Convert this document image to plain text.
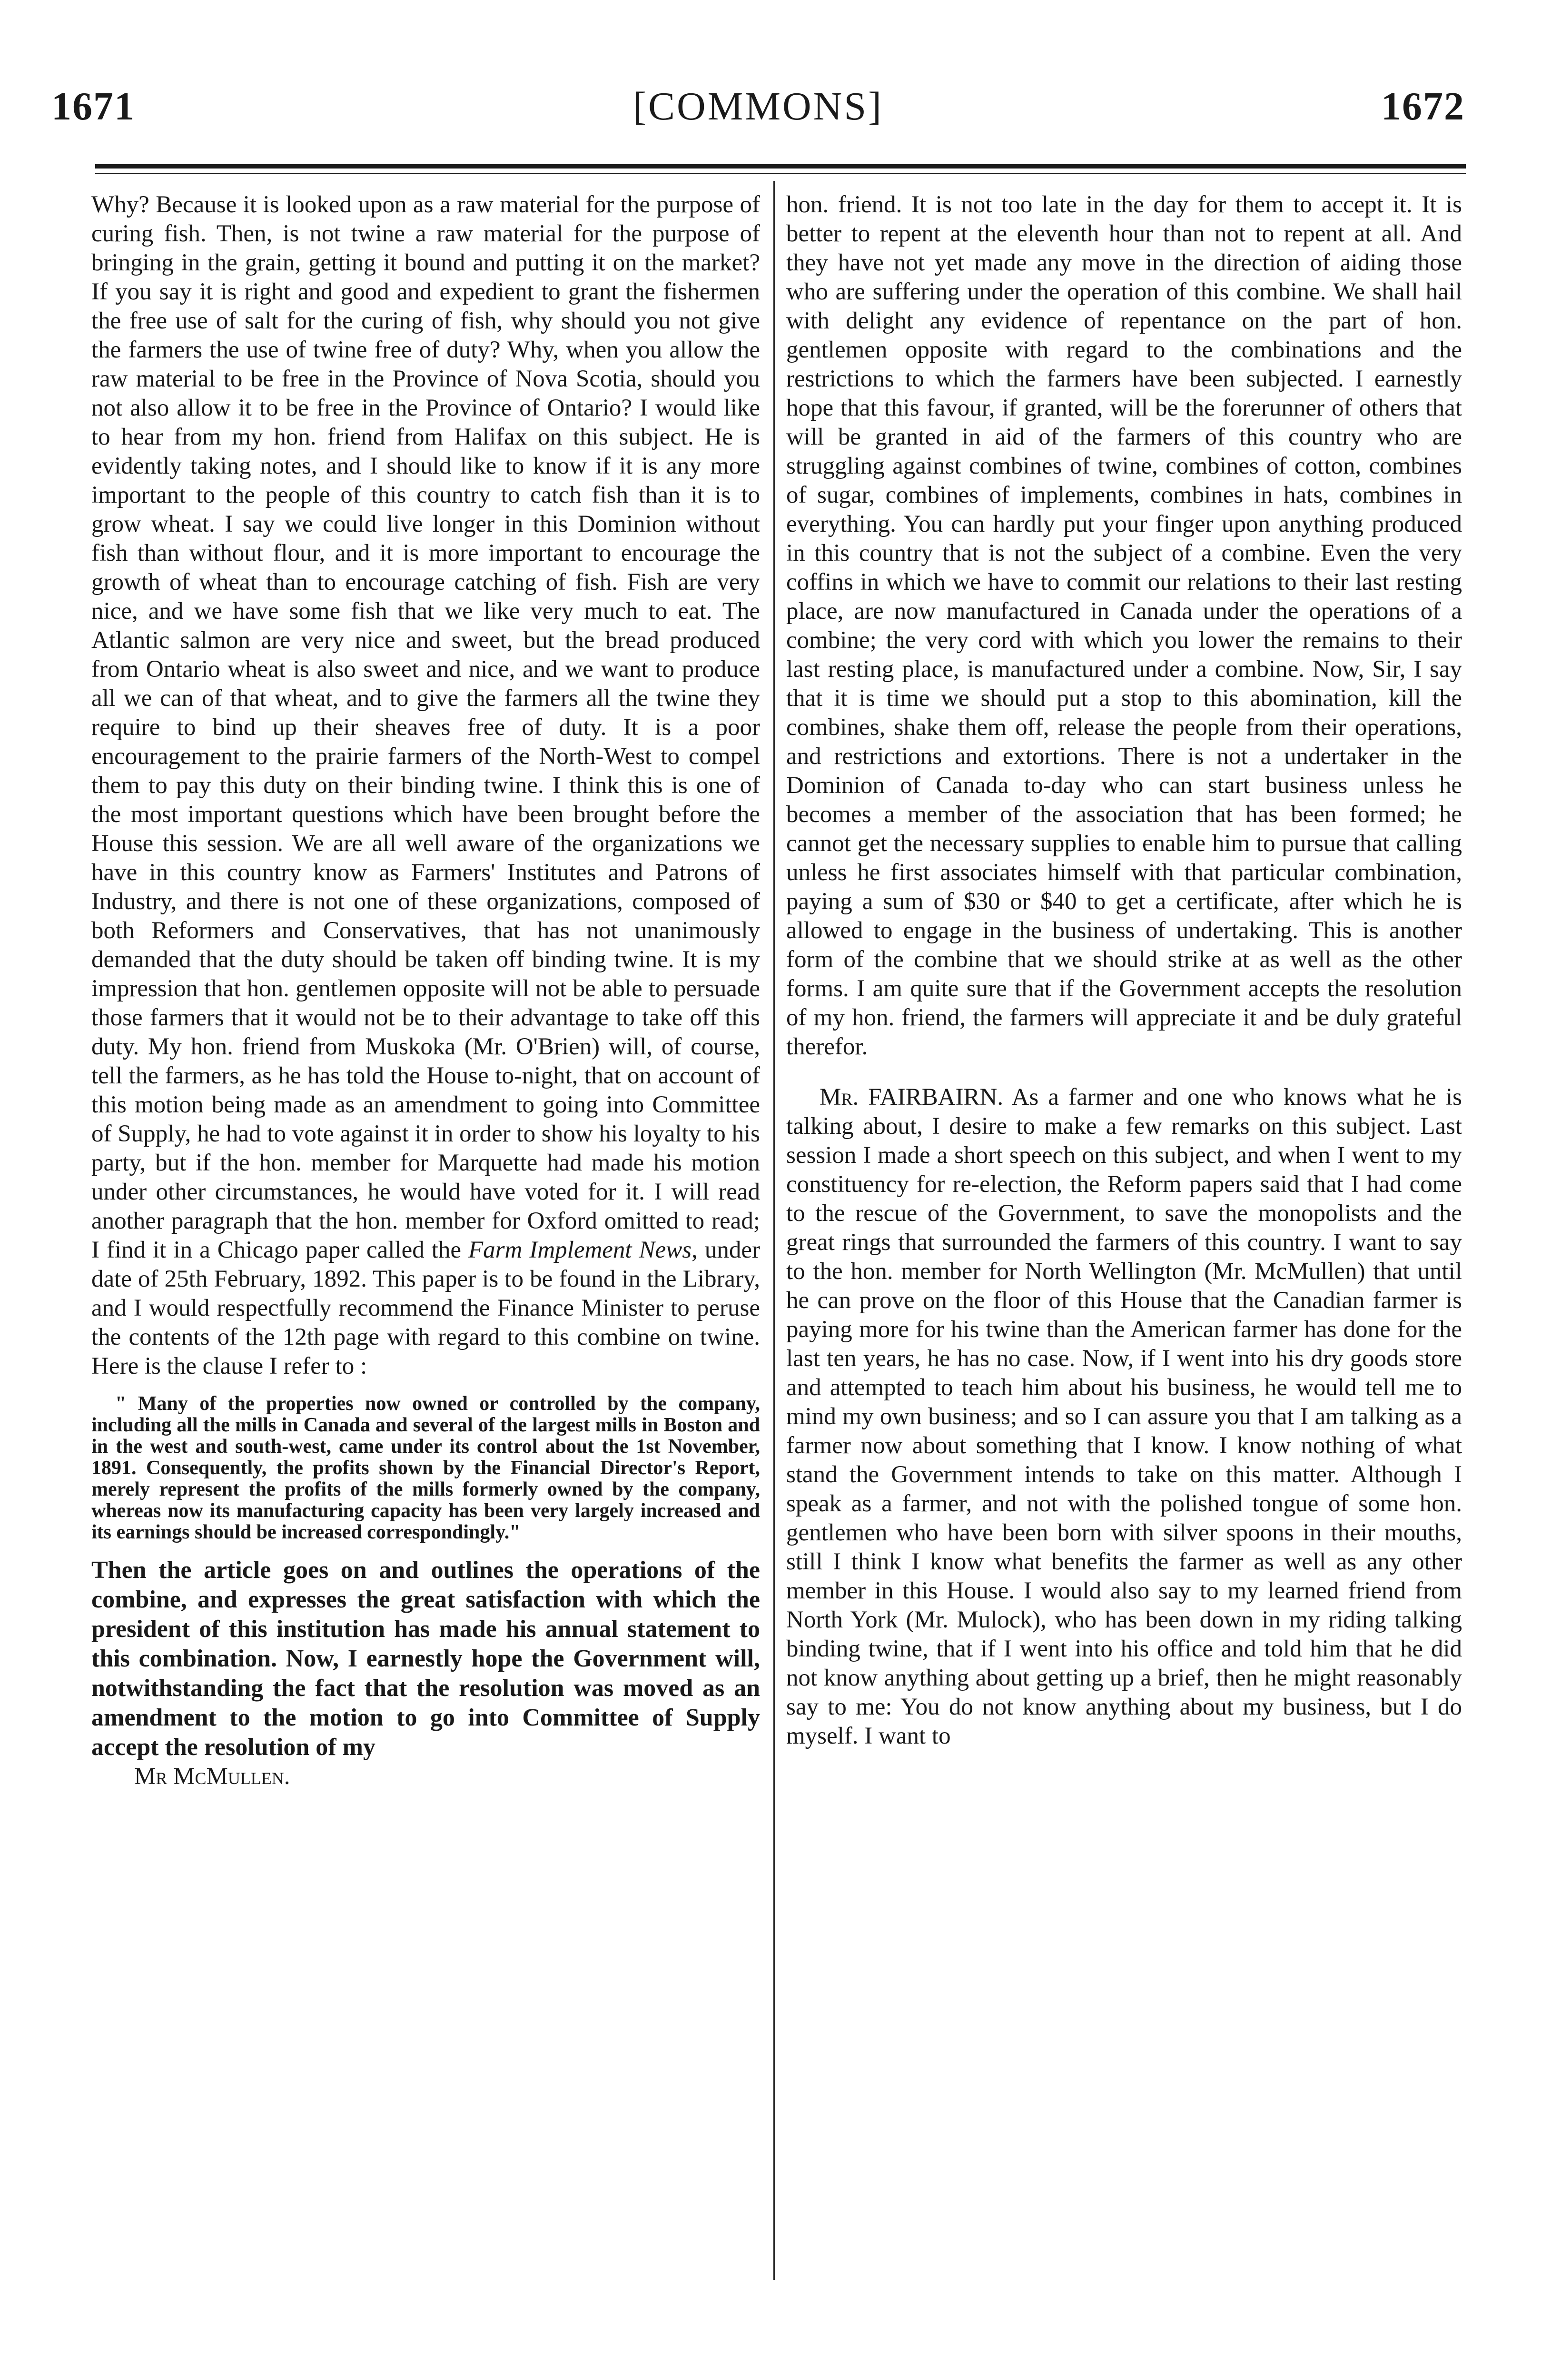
1671	[COMMONS]	1672

Why? Because it is looked upon as a raw material for the purpose of curing fish. Then, is not twine a raw material for the purpose of bringing in the grain, getting it bound and putting it on the market? If you say it is right and good and expedient to grant the fishermen the free use of salt for the curing of fish, why should you not give the farmers the use of twine free of duty? Why, when you allow the raw material to be free in the Province of Nova Scotia, should you not also allow it to be free in the Province of Ontario? I would like to hear from my hon. friend from Halifax on this subject. He is evidently taking notes, and I should like to know if it is any more important to the people of this country to catch fish than it is to grow wheat. I say we could live longer in this Dominion without fish than without flour, and it is more important to encourage the growth of wheat than to encourage catching of fish. Fish are very nice, and we have some fish that we like very much to eat. The Atlantic salmon are very nice and sweet, but the bread produced from Ontario wheat is also sweet and nice, and we want to produce all we can of that wheat, and to give the farmers all the twine they require to bind up their sheaves free of duty. It is a poor encouragement to the prairie farmers of the North-West to compel them to pay this duty on their binding twine. I think this is one of the most important questions which have been brought before the House this session. We are all well aware of the organizations we have in this country know as Farmers' Institutes and Patrons of Industry, and there is not one of these organizations, composed of both Reformers and Conservatives, that has not unanimously demanded that the duty should be taken off binding twine. It is my impression that hon. gentlemen opposite will not be able to persuade those farmers that it would not be to their advantage to take off this duty. My hon. friend from Muskoka (Mr. O'Brien) will, of course, tell the farmers, as he has told the House to-night, that on account of this motion being made as an amendment to going into Committee of Supply, he had to vote against it in order to show his loyalty to his party, but if the hon. member for Marquette had made his motion under other circumstances, he would have voted for it. I will read another paragraph that the hon. member for Oxford omitted to read; I find it in a Chicago paper called the Farm Implement News, under date of 25th February, 1892. This paper is to be found in the Library, and I would respectfully recommend the Finance Minister to peruse the contents of the 12th page with regard to this combine on twine. Here is the clause I refer to :

" Many of the properties now owned or controlled by the company, including all the mills in Canada and several of the largest mills in Boston and in the west and south-west, came under its control about the 1st November, 1891. Consequently, the profits shown by the Financial Director's Report, merely represent the profits of the mills formerly owned by the company, whereas now its manufacturing capacity has been very largely increased and its earnings should be increased correspondingly."

Then the article goes on and outlines the operations of the combine, and expresses the great satisfaction with which the president of this institution has made his annual statement to this combination. Now, I earnestly hope the Government will, notwithstanding the fact that the resolution was moved as an amendment to the motion to go into Committee of Supply accept the resolution of my

Mr McMullen.

hon. friend. It is not too late in the day for them to accept it. It is better to repent at the eleventh hour than not to repent at all. And they have not yet made any move in the direction of aiding those who are suffering under the operation of this combine. We shall hail with delight any evidence of repentance on the part of hon. gentlemen opposite with regard to the combinations and the restrictions to which the farmers have been subjected. I earnestly hope that this favour, if granted, will be the forerunner of others that will be granted in aid of the farmers of this country who are struggling against combines of twine, combines of cotton, combines of sugar, combines of implements, combines in hats, combines in everything. You can hardly put your finger upon anything produced in this country that is not the subject of a combine. Even the very coffins in which we have to commit our relations to their last resting place, are now manufactured in Canada under the operations of a combine; the very cord with which you lower the remains to their last resting place, is manufactured under a combine. Now, Sir, I say that it is time we should put a stop to this abomination, kill the combines, shake them off, release the people from their operations, and restrictions and extortions. There is not a undertaker in the Dominion of Canada to-day who can start business unless he becomes a member of the association that has been formed; he cannot get the necessary supplies to enable him to pursue that calling unless he first associates himself with that particular combination, paying a sum of $30 or $40 to get a certificate, after which he is allowed to engage in the business of undertaking. This is another form of the combine that we should strike at as well as the other forms. I am quite sure that if the Government accepts the resolution of my hon. friend, the farmers will appreciate it and be duly grateful therefor.

Mr. FAIRBAIRN. As a farmer and one who knows what he is talking about, I desire to make a few remarks on this subject. Last session I made a short speech on this subject, and when I went to my constituency for re-election, the Reform papers said that I had come to the rescue of the Government, to save the monopolists and the great rings that surrounded the farmers of this country. I want to say to the hon. member for North Wellington (Mr. McMullen) that until he can prove on the floor of this House that the Canadian farmer is paying more for his twine than the American farmer has done for the last ten years, he has no case. Now, if I went into his dry goods store and attempted to teach him about his business, he would tell me to mind my own business; and so I can assure you that I am talking as a farmer now about something that I know. I know nothing of what stand the Government intends to take on this matter. Although I speak as a farmer, and not with the polished tongue of some hon. gentlemen who have been born with silver spoons in their mouths, still I think I know what benefits the farmer as well as any other member in this House. I would also say to my learned friend from North York (Mr. Mulock), who has been down in my riding talking binding twine, that if I went into his office and told him that he did not know anything about getting up a brief, then he might reasonably say to me: You do not know anything about my business, but I do myself. I want to
